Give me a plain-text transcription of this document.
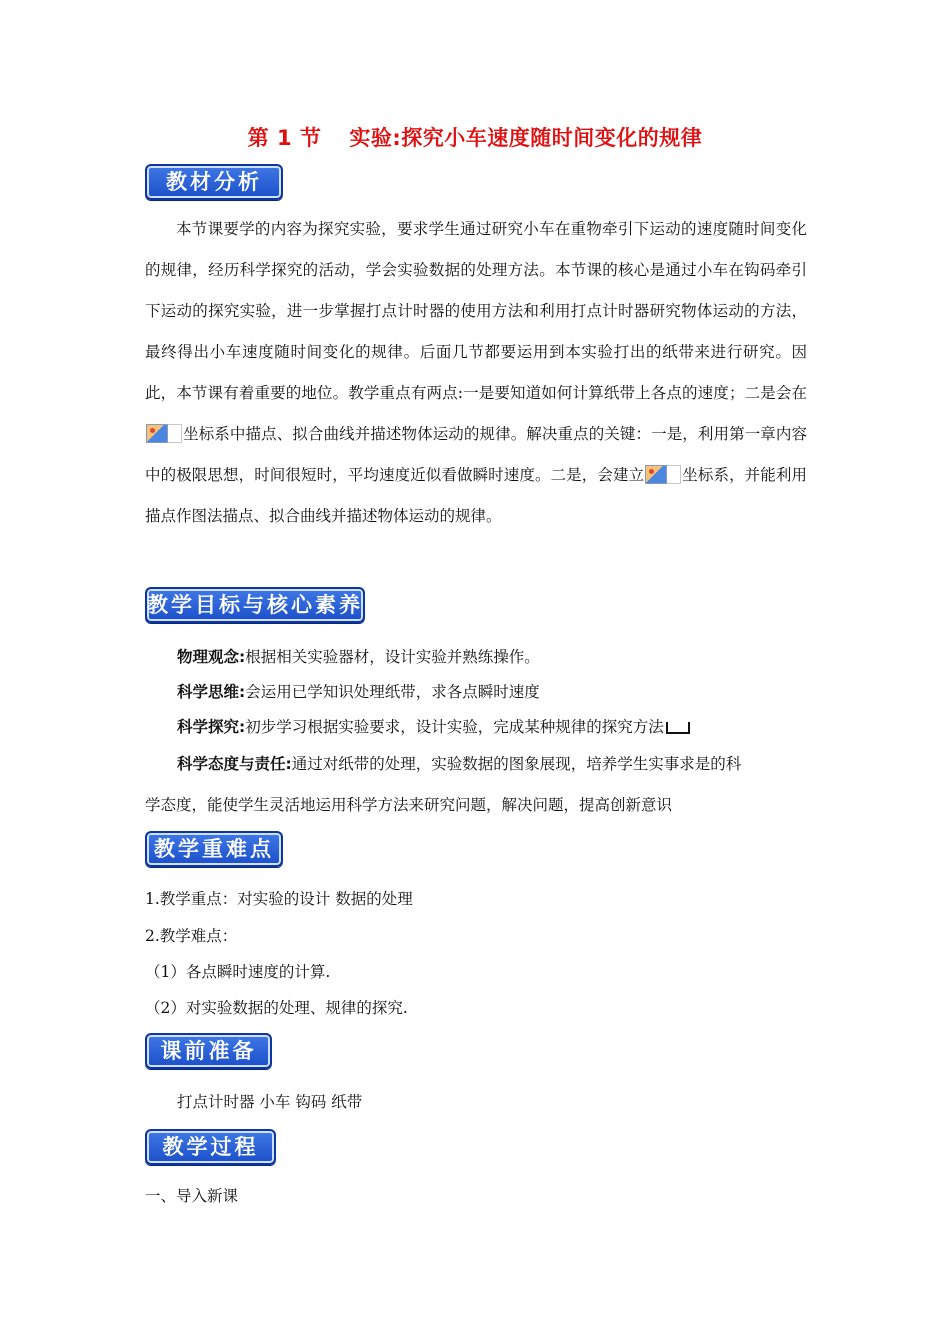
第 1 节 实验:探究小车速度随时间变化的规律
教材分析

本节课要学的内容为探究实验，要求学生通过研究小车在重物牵引下运动的速度随时间变化的规律，经历科学探究的活动，学会实验数据的处理方法。本节课的核心是通过小车在钩码牵引下运动的探究实验，进一步掌握打点计时器的使用方法和利用打点计时器研究物体运动的方法，最终得出小车速度随时间变化的规律。后面几节都要运用到本实验打出的纸带来进行研究。因此，本节课有着重要的地位。教学重点有两点:一是要知道如何计算纸带上各点的速度；二是会在
坐标系中描点、拟合曲线并描述物体运动的规律。解决重点的关键：一是，利用第一章内容中的极限思想，时间很短时，平均速度近似看做瞬时速度。二是，会建立 坐标系，并能利用描点作图法描点、拟合曲线并描述物体运动的规律。

教学目标与核心素养
物理观念:根据相关实验器材，设计实验并熟练操作。
科学思维:会运用已学知识处理纸带，求各点瞬时速度
科学探究:初步学习根据实验要求，设计实验，完成某种规律的探究方法
科学态度与责任:通过对纸带的处理，实验数据的图象展现，培养学生实事求是的科
学态度，能使学生灵活地运用科学方法来研究问题，解决问题，提高创新意识
教学重难点
1.教学重点：对实验的设计 数据的处理
2.教学难点：
（1）各点瞬时速度的计算.
（2）对实验数据的处理、规律的探究.
课前准备
打点计时器 小车 钩码 纸带
教学过程
一、导入新课
